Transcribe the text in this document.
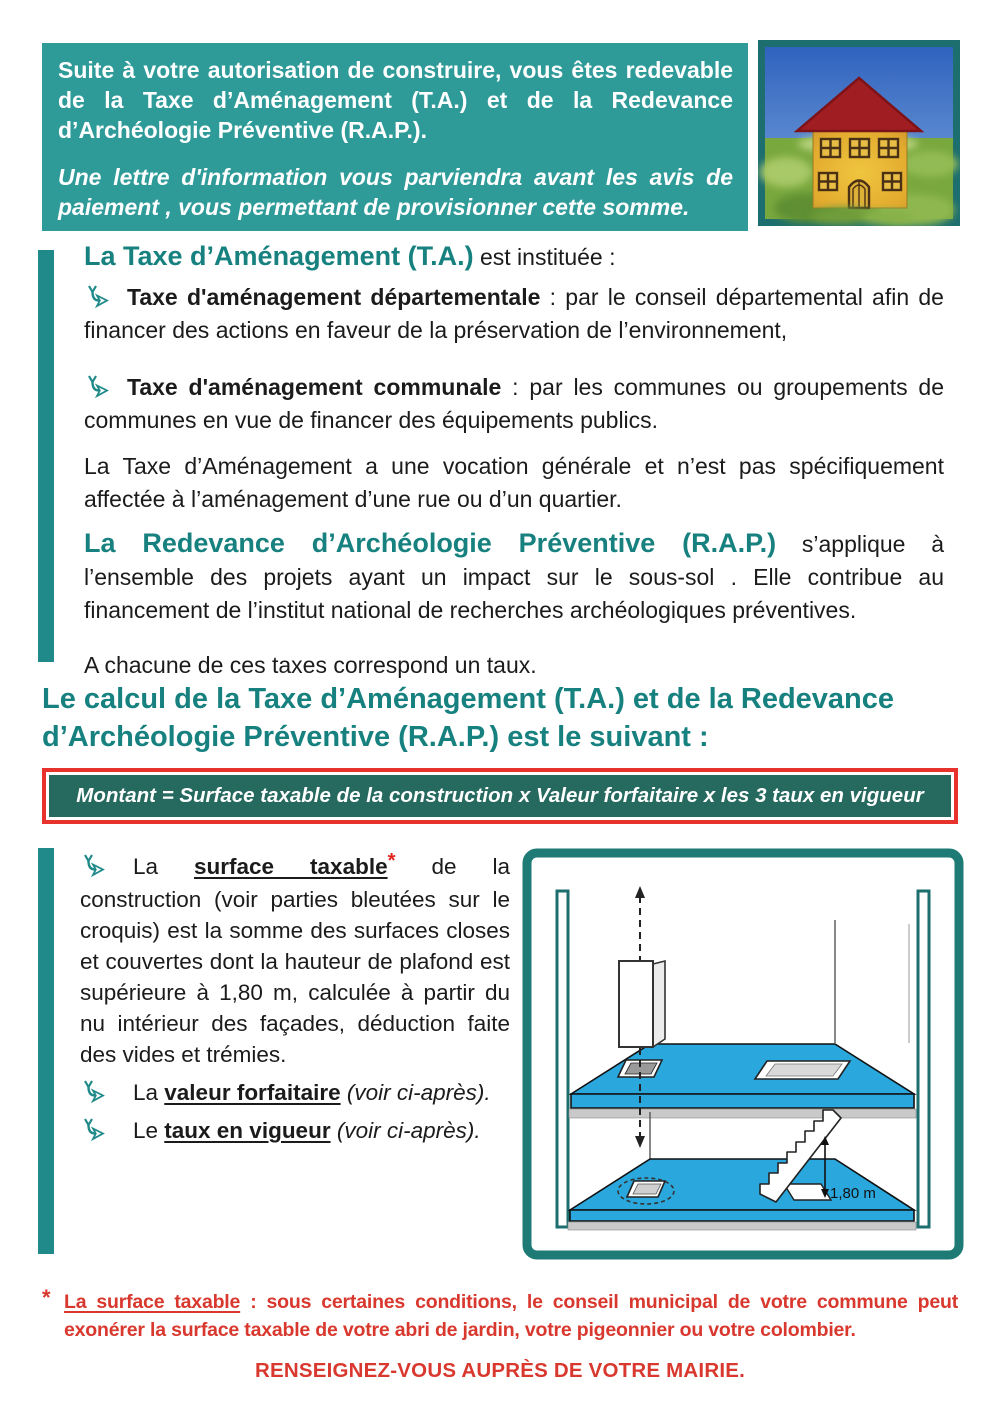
Suite à votre autorisation de construire, vous êtes redevable de la Taxe d’Aménagement (T.A.) et de la Redevance d’Archéologie Préventive (R.A.P.).

Une lettre d'information vous parviendra avant les avis de paiement , vous permettant de provisionner cette somme.

La Taxe d’Aménagement (T.A.) est instituée :

Taxe d'aménagement départementale : par le conseil départemental afin de financer des actions en faveur de la préservation de l’environnement,

Taxe d'aménagement communale : par les communes ou groupements de communes en vue de financer des équipements publics.

La Taxe d’Aménagement a une vocation générale et n’est pas spécifiquement affectée à l’aménagement d’une rue ou d’un quartier.

La Redevance d’Archéologie Préventive (R.A.P.) s’applique à l’ensemble des projets ayant un impact sur le sous-sol . Elle contribue au financement de l’institut national de recherches archéologiques préventives.

A chacune de ces taxes correspond un taux.

Le calcul de la Taxe d’Aménagement (T.A.) et de la Redevance d’Archéologie Préventive (R.A.P.) est le suivant :
Montant = Surface taxable de la construction x Valeur forfaitaire x les 3 taux en vigueur

La surface taxable* de la construction (voir parties bleutées sur le croquis) est la somme des surfaces closes et couvertes dont la hauteur de plafond est supérieure à 1,80 m, calculée à partir du nu intérieur des façades, déduction faite des vides et trémies.

La valeur forfaitaire (voir ci-après).

Le taux en vigueur (voir ci-après).

1,80 m

* La surface taxable : sous certaines conditions, le conseil municipal de votre commune peut exonérer la surface taxable de votre abri de jardin, votre pigeonnier ou votre colombier.

RENSEIGNEZ-VOUS AUPRÈS DE VOTRE MAIRIE.
